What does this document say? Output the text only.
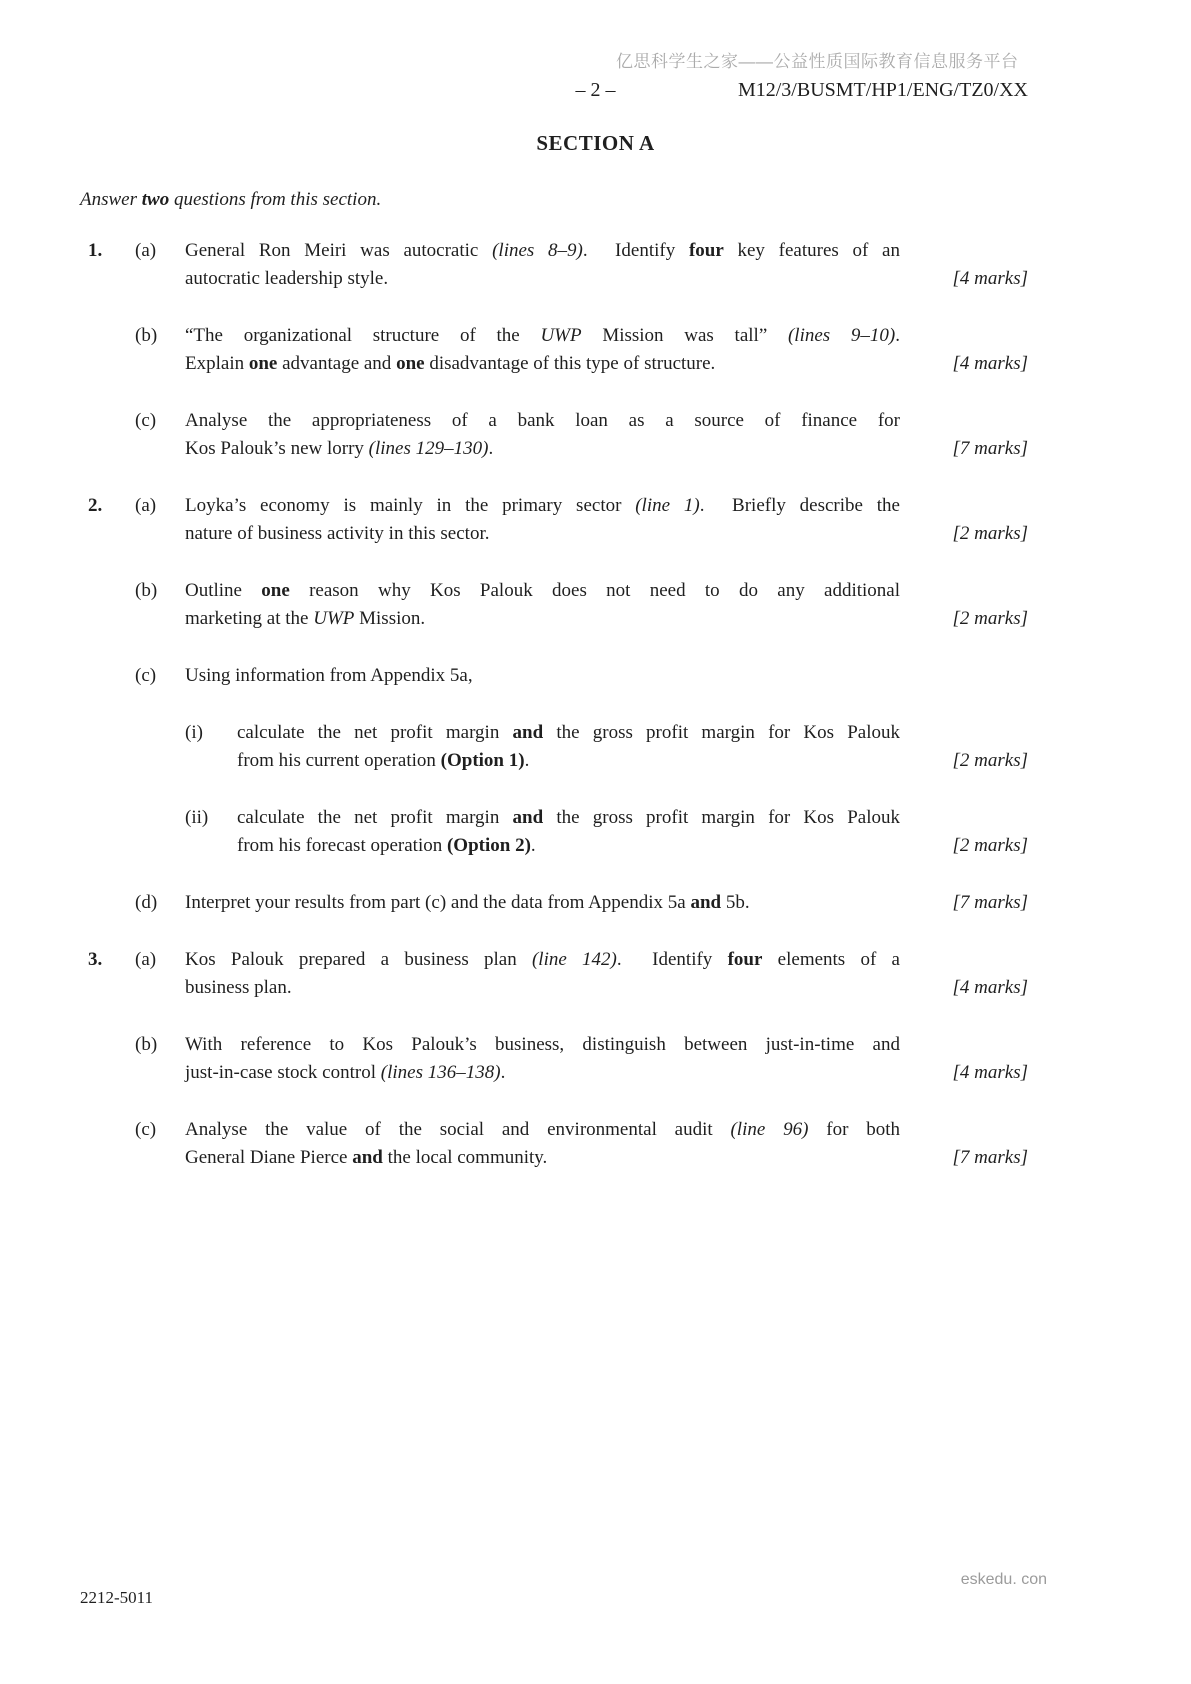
亿思科学生之家——公益性质国际教育信息服务平台
– 2 –	M12/3/BUSMT/HP1/ENG/TZ0/XX
SECTION A

Answer two questions from this section.

1.	(a)	General Ron Meiri was autocratic (lines 8–9).  Identify four key features of an
autocratic leadership style.	[4 marks]
(b)	“The organizational structure of the UWP Mission was tall” (lines 9–10).
Explain one advantage and one disadvantage of this type of structure.	[4 marks]
(c)	Analyse the appropriateness of a bank loan as a source of finance for
Kos Palouk’s new lorry (lines 129–130).	[7 marks]
2.	(a)	Loyka’s economy is mainly in the primary sector (line 1).  Briefly describe the
nature of business activity in this sector.	[2 marks]
(b)	Outline one reason why Kos Palouk does not need to do any additional
marketing at the UWP Mission.	[2 marks]
(c)	Using information from Appendix 5a,
(i)	calculate the net profit margin and the gross profit margin for Kos Palouk
from his current operation (Option 1).	[2 marks]
(ii)	calculate the net profit margin and the gross profit margin for Kos Palouk
from his forecast operation (Option 2).	[2 marks]
(d)	Interpret your results from part (c) and the data from Appendix 5a and 5b.	[7 marks]
3.	(a)	Kos Palouk prepared a business plan (line 142).  Identify four elements of a
business plan.	[4 marks]
(b)	With reference to Kos Palouk’s business, distinguish between just-in-time and
just-in-case stock control (lines 136–138).	[4 marks]
(c)	Analyse the value of the social and environmental audit (line 96) for both
General Diane Pierce and the local community.	[7 marks]
2212-5011
eskedu. con
